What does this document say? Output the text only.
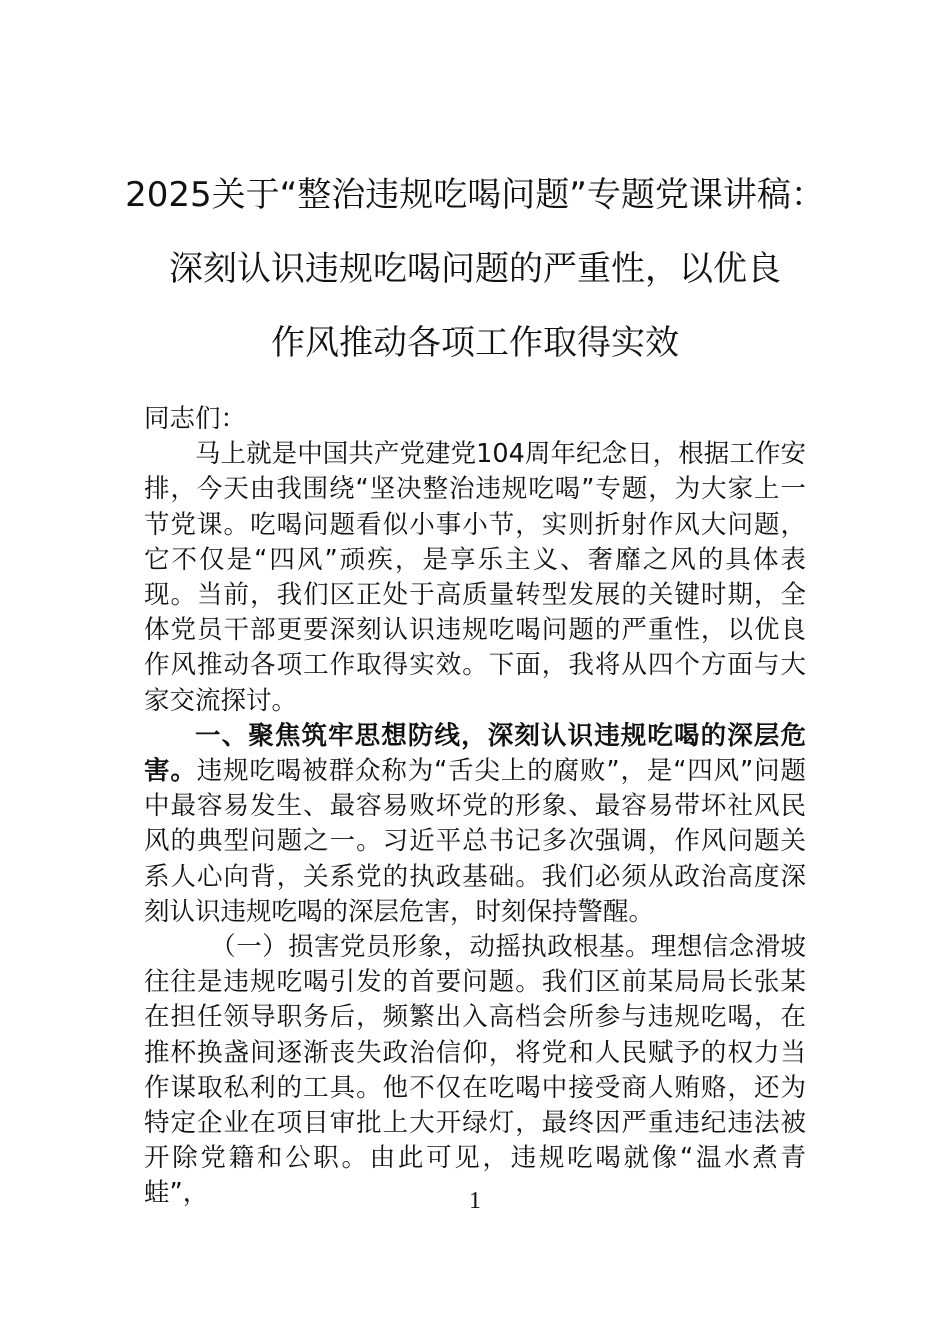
2025关于“整治违规吃喝问题”专题党课讲稿：
深刻认识违规吃喝问题的严重性，以优良
作风推动各项工作取得实效

同志们：

马上就是中国共产党建党104周年纪念日，根据工作安排，今天由我围绕“坚决整治违规吃喝”专题，为大家上一节党课。吃喝问题看似小事小节，实则折射作风大问题，它不仅是“四风”顽疾，是享乐主义、奢靡之风的具体表现。当前，我们区正处于高质量转型发展的关键时期，全体党员干部更要深刻认识违规吃喝问题的严重性，以优良作风推动各项工作取得实效。下面，我将从四个方面与大家交流探讨。

一、聚焦筑牢思想防线，深刻认识违规吃喝的深层危害。违规吃喝被群众称为“舌尖上的腐败”，是“四风”问题中最容易发生、最容易败坏党的形象、最容易带坏社风民风的典型问题之一。习近平总书记多次强调，作风问题关系人心向背，关系党的执政基础。我们必须从政治高度深刻认识违规吃喝的深层危害，时刻保持警醒。

（一）损害党员形象，动摇执政根基。理想信念滑坡往往是违规吃喝引发的首要问题。我们区前某局局长张某在担任领导职务后，频繁出入高档会所参与违规吃喝，在推杯换盏间逐渐丧失政治信仰，将党和人民赋予的权力当作谋取私利的工具。他不仅在吃喝中接受商人贿赂，还为特定企业在项目审批上大开绿灯，最终因严重违纪违法被开除党籍和公职。由此可见，违规吃喝就像“温水煮青蛙”，	1
